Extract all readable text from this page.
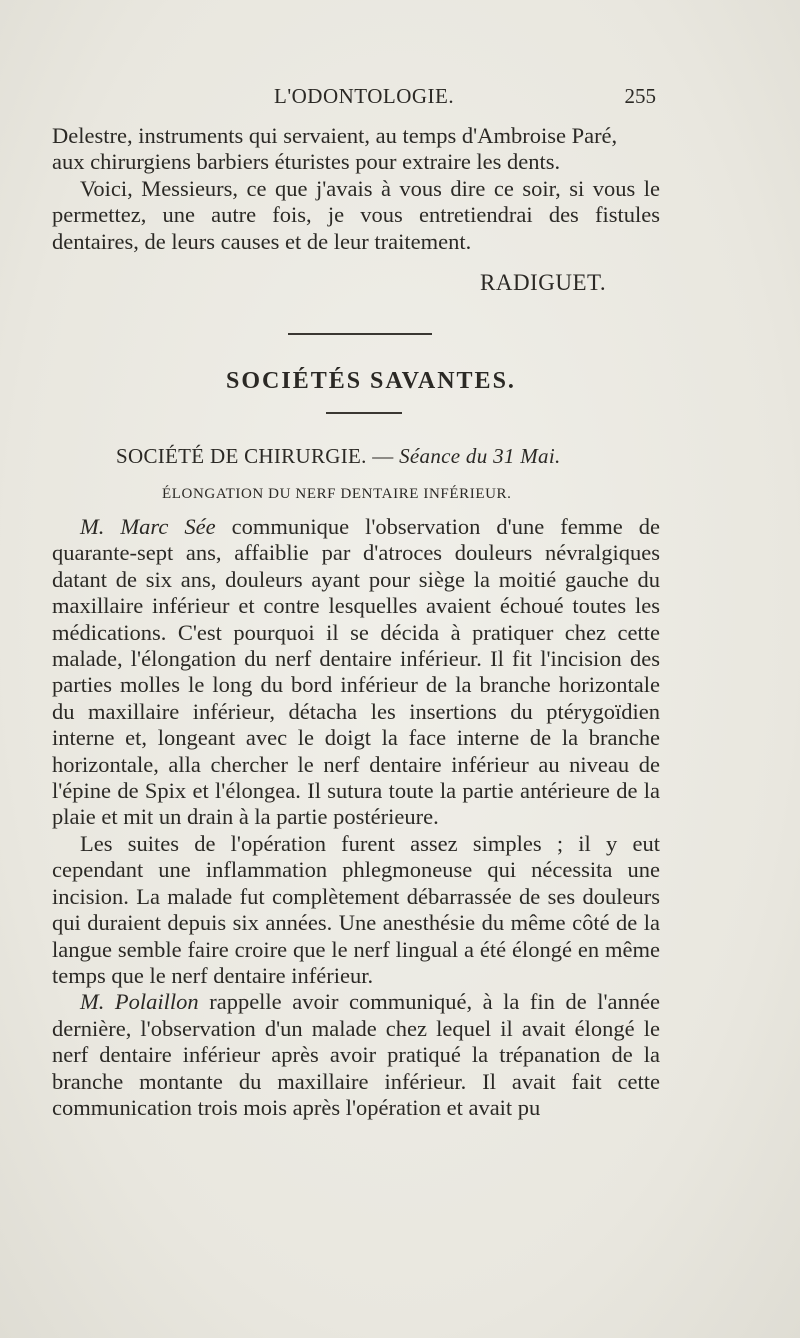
L'ODONTOLOGIE.	255

Delestre, instruments qui servaient, au temps d'Ambroise Paré,

aux chirurgiens barbiers éturistes pour extraire les dents.

Voici, Messieurs, ce que j'avais à vous dire ce soir, si vous le permettez, une autre fois, je vous entretiendrai des fistules dentaires, de leurs causes et de leur traitement.

RADIGUET.
SOCIÉTÉS SAVANTES.
SOCIÉTÉ DE CHIRURGIE. — Séance du 31 Mai.
ÉLONGATION DU NERF DENTAIRE INFÉRIEUR.

M. Marc Sée communique l'observation d'une femme de quarante-sept ans, affaiblie par d'atroces douleurs névralgiques datant de six ans, douleurs ayant pour siège la moitié gauche du maxillaire inférieur et contre lesquelles avaient échoué toutes les médications. C'est pourquoi il se décida à pratiquer chez cette malade, l'élongation du nerf dentaire inférieur. Il fit l'incision des parties molles le long du bord inférieur de la branche horizontale du maxillaire inférieur, détacha les insertions du ptérygoïdien interne et, longeant avec le doigt la face interne de la branche horizontale, alla chercher le nerf dentaire inférieur au niveau de l'épine de Spix et l'élongea. Il sutura toute la partie antérieure de la plaie et mit un drain à la partie postérieure.

Les suites de l'opération furent assez simples ; il y eut cependant une inflammation phlegmoneuse qui nécessita une incision. La malade fut complètement débarrassée de ses douleurs qui duraient depuis six années. Une anesthésie du même côté de la langue semble faire croire que le nerf lingual a été élongé en même temps que le nerf dentaire inférieur.

M. Polaillon rappelle avoir communiqué, à la fin de l'année dernière, l'observation d'un malade chez lequel il avait élongé le nerf dentaire inférieur après avoir pratiqué la trépanation de la branche montante du maxillaire inférieur. Il avait fait cette communication trois mois après l'opération et avait pu
